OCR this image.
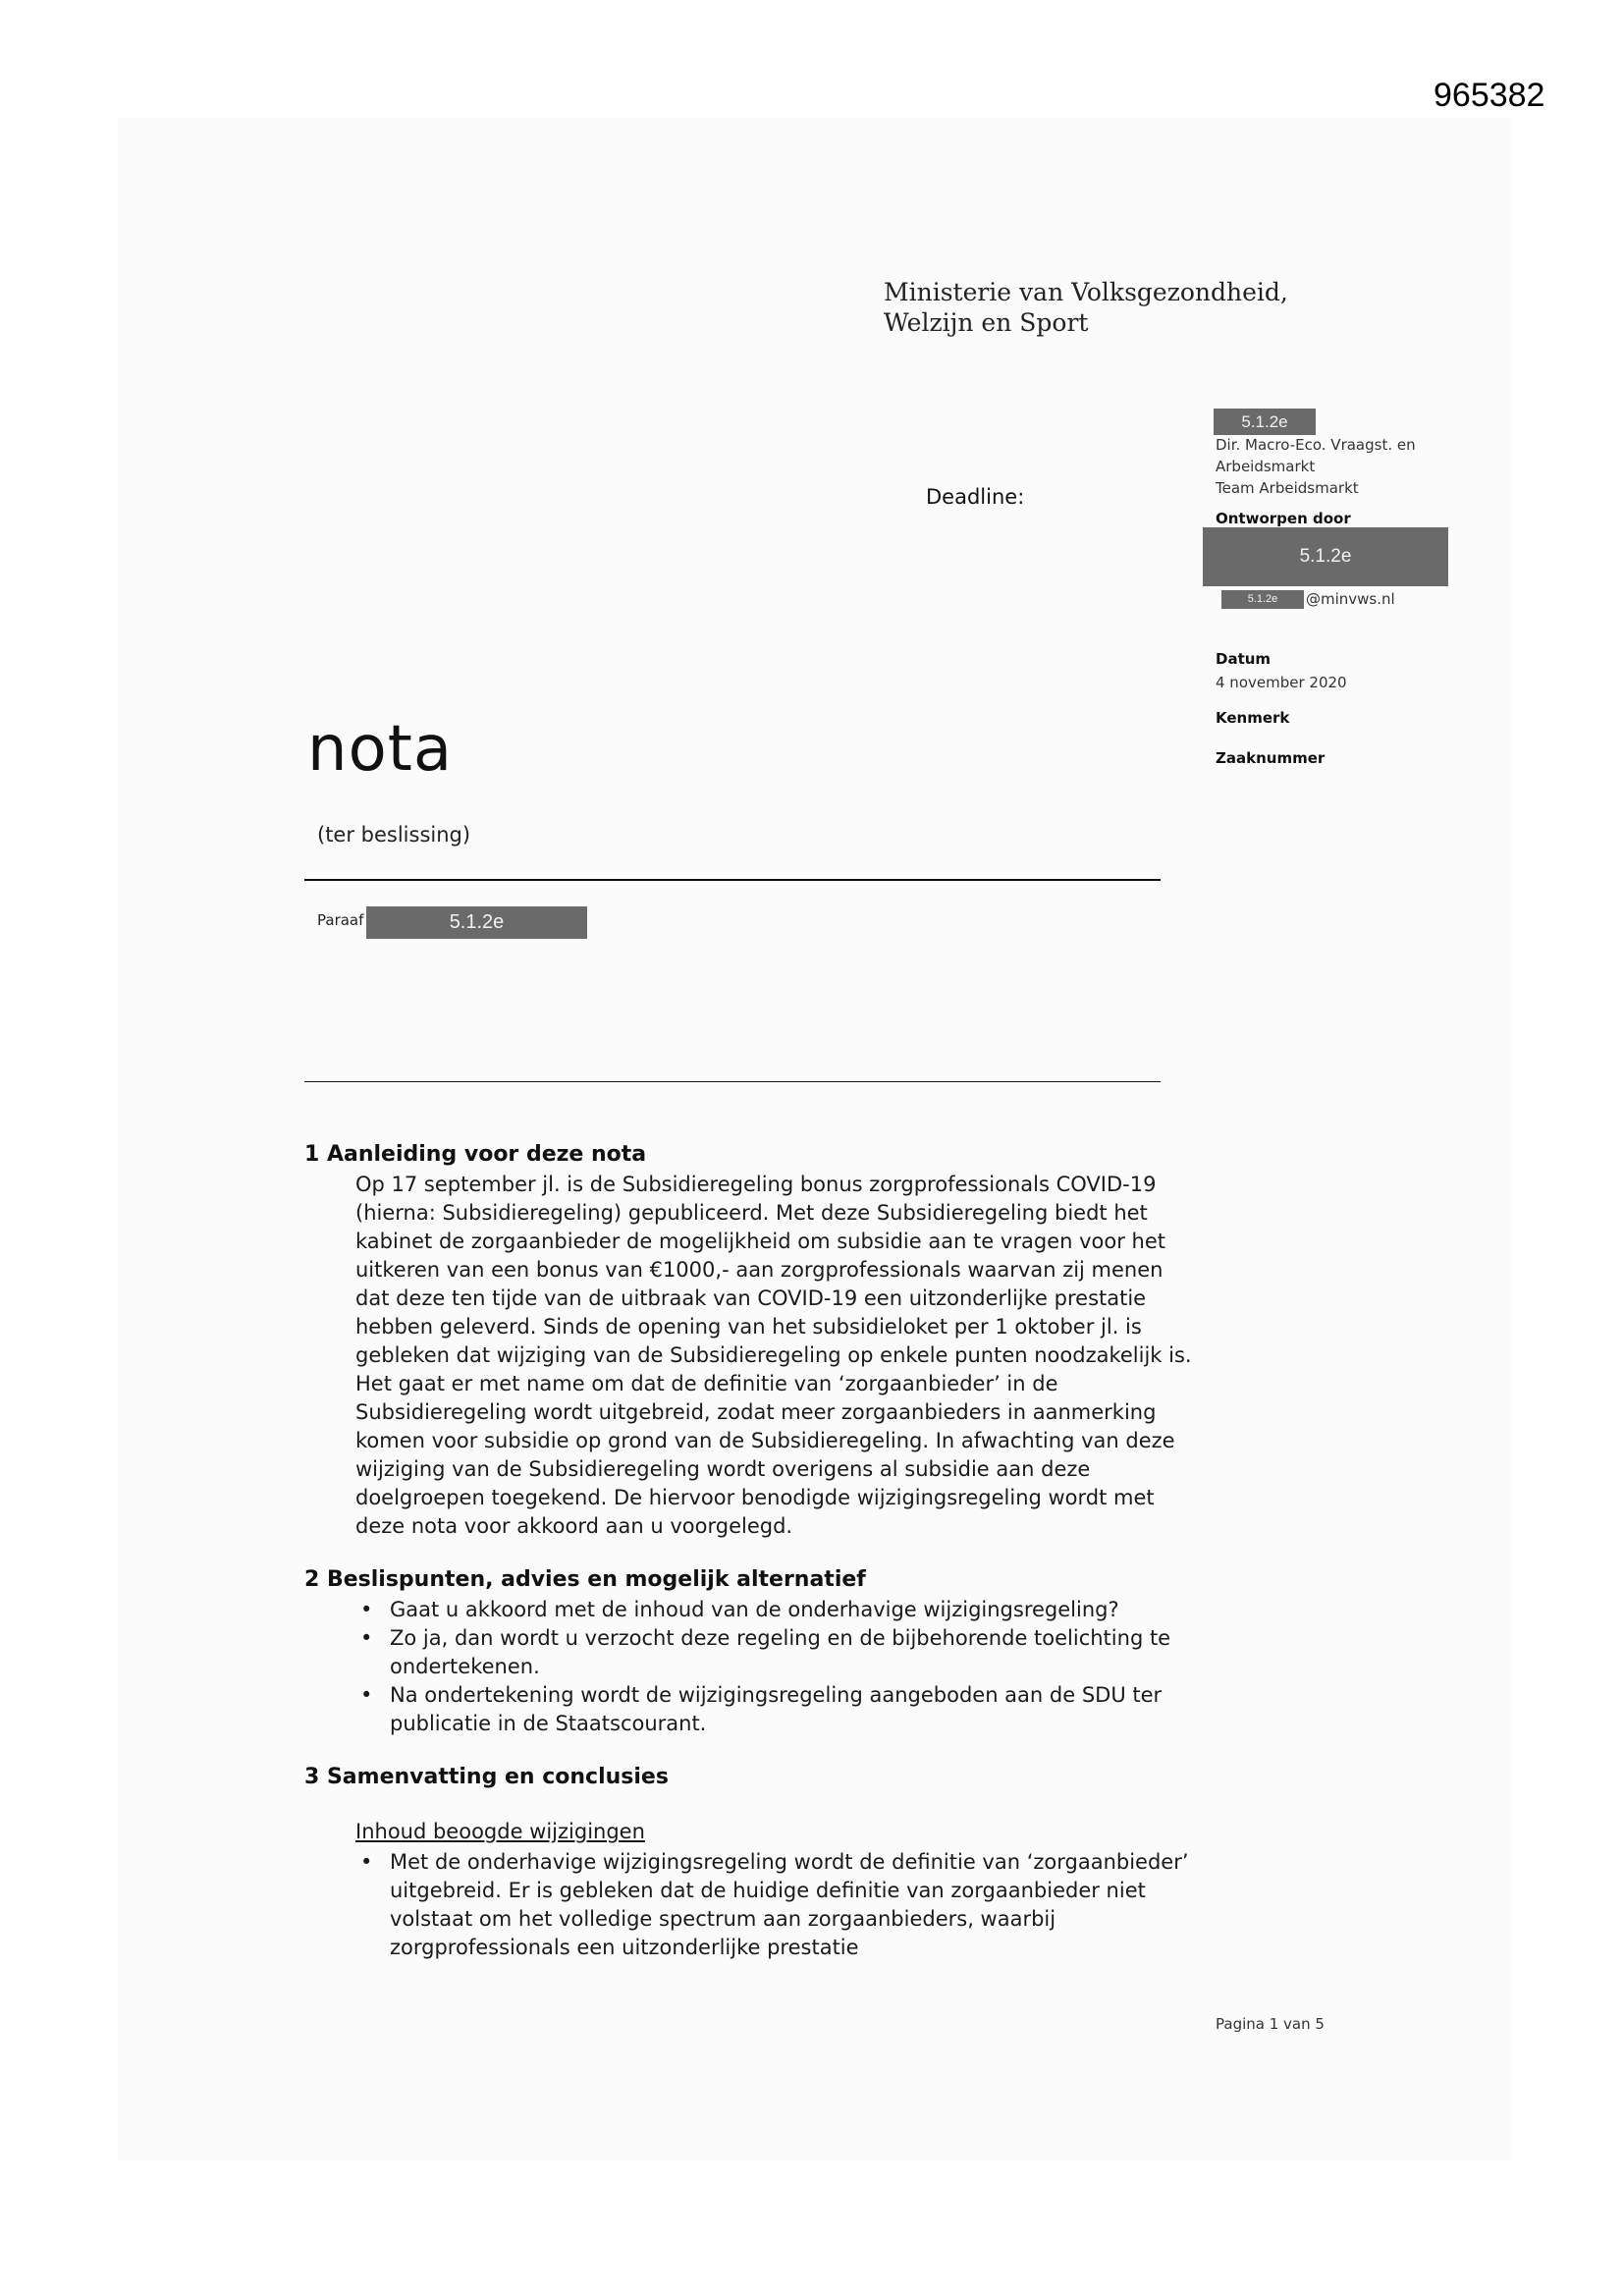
965382
Ministerie van Volksgezondheid,
Welzijn en Sport
5.1.2e
Dir. Macro-Eco. Vraagst. en
Arbeidsmarkt
Team Arbeidsmarkt
Ontworpen door
5.1.2e
5.1.2e	@minvws.nl
Datum
4 november 2020
Kenmerk
Zaaknummer
Deadline:
nota
(ter beslissing)
Paraaf	5.1.2e
1 Aanleiding voor deze nota

Op 17 september jl. is de Subsidieregeling bonus zorgprofessionals COVID-19 (hierna: Subsidieregeling) gepubliceerd. Met deze Subsidieregeling biedt het kabinet de zorgaanbieder de mogelijkheid om subsidie aan te vragen voor het uitkeren van een bonus van €1000,- aan zorgprofessionals waarvan zij menen dat deze ten tijde van de uitbraak van COVID-19 een uitzonderlijke prestatie hebben geleverd. Sinds de opening van het subsidieloket per 1 oktober jl. is gebleken dat wijziging van de Subsidieregeling op enkele punten noodzakelijk is. Het gaat er met name om dat de definitie van ‘zorgaanbieder’ in de Subsidieregeling wordt uitgebreid, zodat meer zorgaanbieders in aanmerking komen voor subsidie op grond van de Subsidieregeling. In afwachting van deze wijziging van de Subsidieregeling wordt overigens al subsidie aan deze doelgroepen toegekend. De hiervoor benodigde wijzigingsregeling wordt met deze nota voor akkoord aan u voorgelegd.

2 Beslispunten, advies en mogelijk alternatief
• Gaat u akkoord met de inhoud van de onderhavige wijzigingsregeling?
• Zo ja, dan wordt u verzocht deze regeling en de bijbehorende toelichting te ondertekenen.
• Na ondertekening wordt de wijzigingsregeling aangeboden aan de SDU ter publicatie in de Staatscourant.
3 Samenvatting en conclusies
Inhoud beoogde wijzigingen
• Met de onderhavige wijzigingsregeling wordt de definitie van ‘zorgaanbieder’ uitgebreid. Er is gebleken dat de huidige definitie van zorgaanbieder niet volstaat om het volledige spectrum aan zorgaanbieders, waarbij zorgprofessionals een uitzonderlijke prestatie
Pagina 1 van 5
